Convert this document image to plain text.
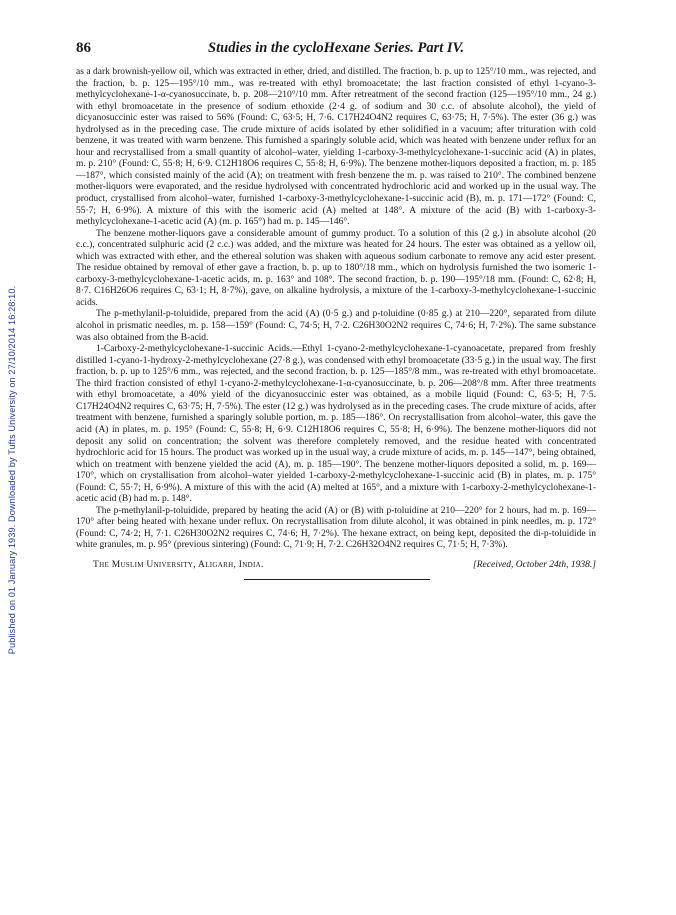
Published on 01 January 1939. Downloaded by Tufts University on 27/10/2014 16:28:10.
86	Studies in the cycloHexane Series. Part IV.

as a dark brownish-yellow oil, which was extracted in ether, dried, and distilled. The fraction, b. p. up to 125°/10 mm., was rejected, and the fraction, b. p. 125—195°/10 mm., was re-treated with ethyl bromoacetate; the last fraction consisted of ethyl 1-cyano-3-methylcyclohexane-1-α-cyanosuccinate, b. p. 208—210°/10 mm. After retreatment of the second fraction (125—195°/10 mm., 24 g.) with ethyl bromoacetate in the presence of sodium ethoxide (2·4 g. of sodium and 30 c.c. of absolute alcohol), the yield of dicyanosuccinic ester was raised to 56% (Found: C, 63·5; H, 7·6. C17H24O4N2 requires C, 63·75; H, 7·5%). The ester (36 g.) was hydrolysed as in the preceding case. The crude mixture of acids isolated by ether solidified in a vacuum; after trituration with cold benzene, it was treated with warm benzene. This furnished a sparingly soluble acid, which was heated with benzene under reflux for an hour and recrystallised from a small quantity of alcohol–water, yielding 1-carboxy-3-methylcyclohexane-1-succinic acid (A) in plates, m. p. 210° (Found: C, 55·8; H, 6·9. C12H18O6 requires C, 55·8; H, 6·9%). The benzene mother-liquors deposited a fraction, m. p. 185—187°, which consisted mainly of the acid (A); on treatment with fresh benzene the m. p. was raised to 210°. The combined benzene mother-liquors were evaporated, and the residue hydrolysed with concentrated hydrochloric acid and worked up in the usual way. The product, crystallised from alcohol–water, furnished 1-carboxy-3-methylcyclohexane-1-succinic acid (B), m. p. 171—172° (Found: C, 55·7; H, 6·9%). A mixture of this with the isomeric acid (A) melted at 148°. A mixture of the acid (B) with 1-carboxy-3-methylcyclohexane-1-acetic acid (A) (m. p. 165°) had m. p. 145—146°.

The benzene mother-liquors gave a considerable amount of gummy product. To a solution of this (2 g.) in absolute alcohol (20 c.c.), concentrated sulphuric acid (2 c.c.) was added, and the mixture was heated for 24 hours. The ester was obtained as a yellow oil, which was extracted with ether, and the ethereal solution was shaken with aqueous sodium carbonate to remove any acid ester present. The residue obtained by removal of ether gave a fraction, b. p. up to 180°/18 mm., which on hydrolysis furnished the two isomeric 1-carboxy-3-methylcyclohexane-1-acetic acids, m. p. 163° and 108°. The second fraction, b. p. 190—195°/18 mm. (Found: C, 62·8; H, 8·7. C16H26O6 requires C, 63·1; H, 8·7%), gave, on alkaline hydrolysis, a mixture of the 1-carboxy-3-methylcyclohexane-1-succinic acids.

The p-methylanil-p-toluidide, prepared from the acid (A) (0·5 g.) and p-toluidine (0·85 g.) at 210—220°, separated from dilute alcohol in prismatic needles, m. p. 158—159° (Found: C, 74·5; H, 7·2. C26H30O2N2 requires C, 74·6; H, 7·2%). The same substance was also obtained from the B-acid.

1-Carboxy-2-methylcyclohexane-1-succinic Acids.—Ethyl 1-cyano-2-methylcyclohexane-1-cyanoacetate, prepared from freshly distilled 1-cyano-1-hydroxy-2-methylcyclohexane (27·8 g.), was condensed with ethyl bromoacetate (33·5 g.) in the usual way. The first fraction, b. p. up to 125°/6 mm., was rejected, and the second fraction, b. p. 125—185°/8 mm., was re-treated with ethyl bromoacetate. The third fraction consisted of ethyl 1-cyano-2-methylcyclohexane-1-α-cyanosuccinate, b. p. 206—208°/8 mm. After three treatments with ethyl bromoacetate, a 40% yield of the dicyanosuccinic ester was obtained, as a mobile liquid (Found: C, 63·5; H, 7·5. C17H24O4N2 requires C, 63·75; H, 7·5%). The ester (12 g.) was hydrolysed as in the preceding cases. The crude mixture of acids, after treatment with benzene, furnished a sparingly soluble portion, m. p. 185—186°. On recrystallisation from alcohol–water, this gave the acid (A) in plates, m. p. 195° (Found: C, 55·8; H, 6·9. C12H18O6 requires C, 55·8; H, 6·9%). The benzene mother-liquors did not deposit any solid on concentration; the solvent was therefore completely removed, and the residue heated with concentrated hydrochloric acid for 15 hours. The product was worked up in the usual way, a crude mixture of acids, m. p. 145—147°, being obtained, which on treatment with benzene yielded the acid (A), m. p. 185—190°. The benzene mother-liquors deposited a solid, m. p. 169—170°, which on crystallisation from alcohol–water yielded 1-carboxy-2-methylcyclohexane-1-succinic acid (B) in plates, m. p. 175° (Found: C, 55·7; H, 6·9%). A mixture of this with the acid (A) melted at 165°, and a mixture with 1-carboxy-2-methylcyclohexane-1-acetic acid (B) had m. p. 148°.

The p-methylanil-p-toluidide, prepared by heating the acid (A) or (B) with p-toluidine at 210—220° for 2 hours, had m. p. 169—170° after being heated with hexane under reflux. On recrystallisation from dilute alcohol, it was obtained in pink needles, m. p. 172° (Found: C, 74·2; H, 7·1. C26H30O2N2 requires C, 74·6; H, 7·2%). The hexane extract, on being kept, deposited the di-p-toluidide in white granules, m. p. 95° (previous sintering) (Found: C, 71·9; H, 7·2. C26H32O4N2 requires C, 71·5; H, 7·3%).

The Muslim University, Aligarh, India.	[Received, October 24th, 1938.]
